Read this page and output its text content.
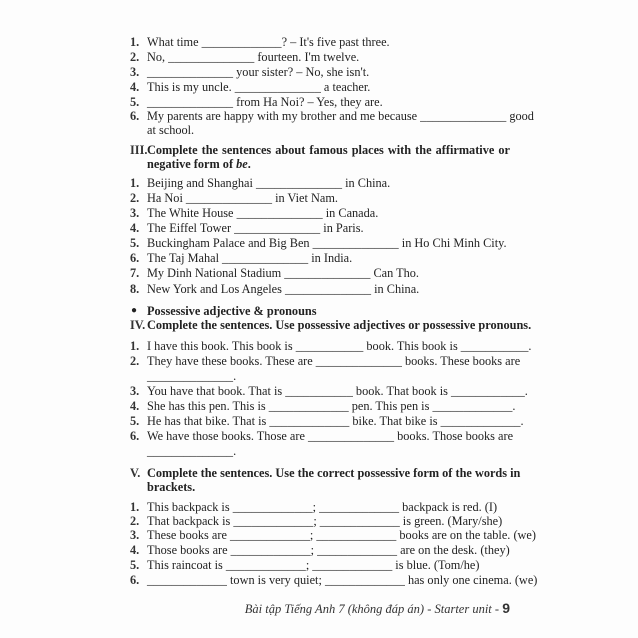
1. What time _____________? – It's five past three.
2. No, ______________ fourteen. I'm twelve.
3. ______________ your sister? – No, she isn't.
4. This is my uncle. ______________ a teacher.
5. ______________ from Ha Noi? – Yes, they are.
6. My parents are happy with my brother and me because ______________ good
at school.
III. Complete the sentences about famous places with the affirmative or
negative form of be.
1. Beijing and Shanghai ______________ in China.
2. Ha Noi ______________ in Viet Nam.
3. The White House ______________ in Canada.
4. The Eiffel Tower ______________ in Paris.
5. Buckingham Palace and Big Ben ______________ in Ho Chi Minh City.
6. The Taj Mahal ______________ in India.
7. My Dinh National Stadium ______________ Can Tho.
8. New York and Los Angeles ______________ in China.
IV. Complete the sentences. Use possessive adjectives or possessive pronouns.
1. I have this book. This book is ___________ book. This book is ___________.
2. They have these books. These are ______________ books. These books are
______________.
3. You have that book. That is ___________ book. That book is ____________.
4. She has this pen. This is _____________ pen. This pen is _____________.
5. He has that bike. That is _____________ bike. That bike is _____________.
6. We have those books. Those are ______________ books. Those books are
______________.
V. Complete the sentences. Use the correct possessive form of the words in
brackets.
1. This backpack is _____________; _____________ backpack is red. (I)
2. That backpack is _____________; _____________ is green. (Mary/she)
3. These books are _____________; _____________ books are on the table. (we)
4. Those books are _____________; _____________ are on the desk. (they)
5. This raincoat is _____________; _____________ is blue. (Tom/he)
6. _____________ town is very quiet; _____________ has only one cinema. (we)
● Possessive adjective & pronouns
Bài tập Tiếng Anh 7 (không đáp án) - Starter unit - 9
